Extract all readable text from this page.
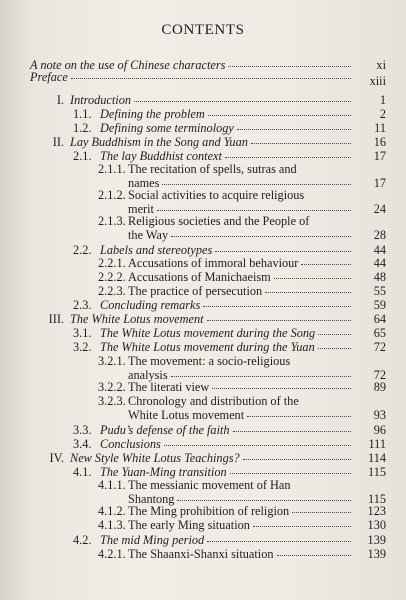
CONTENTS
A note on the use of Chinese characters	xi
Preface	xiii
I. Introduction	1
1.1. Defining the problem	2
1.2. Defining some terminology	11
II. Lay Buddhism in the Song and Yuan	16
2.1. The lay Buddhist context	17
2.1.1. The recitation of spells, sutras and
names	17
2.1.2. Social activities to acquire religious
merit	24
2.1.3. Religious societies and the People of
the Way	28
2.2. Labels and stereotypes	44
2.2.1. Accusations of immoral behaviour	44
2.2.2. Accusations of Manichaeism	48
2.2.3. The practice of persecution	55
2.3. Concluding remarks	59
III. The White Lotus movement	64
3.1. The White Lotus movement during the Song	65
3.2. The White Lotus movement during the Yuan	72
3.2.1. The movement: a socio-religious
analysis	72
3.2.2. The literati view	89
3.2.3. Chronology and distribution of the
White Lotus movement	93
3.3. Pudu’s defense of the faith	96
3.4. Conclusions	111
IV. New Style White Lotus Teachings?	114
4.1. The Yuan-Ming transition	115
4.1.1. The messianic movement of Han
Shantong	115
4.1.2. The Ming prohibition of religion	123
4.1.3. The early Ming situation	130
4.2. The mid Ming period	139
4.2.1. The Shaanxi-Shanxi situation	139
